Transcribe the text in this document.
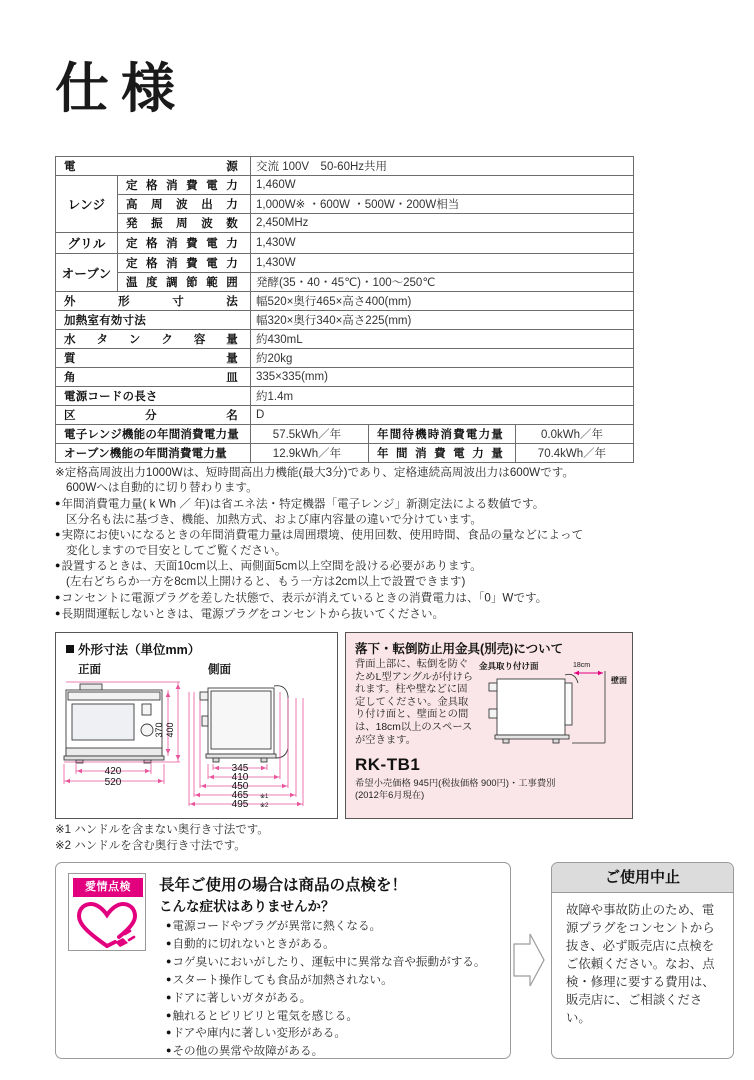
仕様
電　　源		交流 100V　50-60Hz共用		
レンジ	定格消費電力	1,460W		
	高周波出力	1,000W※ ・600W ・500W・200W相当		
	発振周波数	2,450MHz		
グリル	定格消費電力	1,430W		
オーブン	定格消費電力	1,430W		
	温度調節範囲	発酵(35・40・45℃)・100～250℃		
外 形 寸 法		幅520×奥行465×高さ400(mm)		
加熱室有効寸法		幅320×奥行340×高さ225(mm)		
水 タ ン ク 容 量		約430mL		
質　　量		約20kg		
角　　皿		335×335(mm)		
電源コードの長さ		約1.4m		
区　分　名		D		
電子レンジ機能の年間消費電力量		57.5kWh／年	年間待機時消費電力量	0.0kWh／年
オーブン機能の年間消費電力量		12.9kWh／年	年 間 消 費 電 力 量	70.4kWh／年
※定格高周波出力1000Wは、短時間高出力機能(最大3分)であり、定格連続高周波出力は600Wです。
600Wへは自動的に切り替わります。
●年間消費電力量( k Wh ／ 年)は省エネ法・特定機器「電子レンジ」新測定法による数値です。
区分名も法に基づき、機能、加熱方式、および庫内容量の違いで分けています。
●実際にお使いになるときの年間消費電力量は周囲環境、使用回数、使用時間、食品の量などによって
変化しますので目安としてご覧ください。
●設置するときは、天面10cm以上、両側面5cm以上空間を設ける必要があります。
(左右どちらか一方を8cm以上開けると、もう一方は2cm以上で設置できます)
●コンセントに電源プラグを差した状態で、表示が消えているときの消費電力は、「0」Wです。
●長期間運転しないときは、電源プラグをコンセントから抜いてください。
外形寸法（単位mm）
正面	側面
370 400
420
520
345
410
450
465 ※1
495 ※2
落下・転倒防止用金具(別売)について
背面上部に、転倒を防ぐためL型アングルが付けられます。柱や壁などに固定してください。金具取り付け面と、壁面との間は、18cm以上のスペースが空きます。
金具取り付け面	18cm
壁面
RK-TB1
希望小売価格 945円(税抜価格 900円)・工事費別
(2012年6月現在)
※1 ハンドルを含まない奥行き寸法です。
※2 ハンドルを含む奥行き寸法です。
愛情点検	長年ご使用の場合は商品の点検を！
こんな症状はありませんか？
●電源コードやプラグが異常に熱くなる。
●自動的に切れないときがある。
●コゲ臭いにおいがしたり、運転中に異常な音や振動がする。
●スタート操作しても食品が加熱されない。
●ドアに著しいガタがある。
●触れるとビリビリと電気を感じる。
●ドアや庫内に著しい変形がある。
●その他の異常や故障がある。
ご使用中止
故障や事故防止のため、電源プラグをコンセントから抜き、必ず販売店に点検をご依頼ください。なお、点検・修理に要する費用は、販売店に、ご相談ください。
